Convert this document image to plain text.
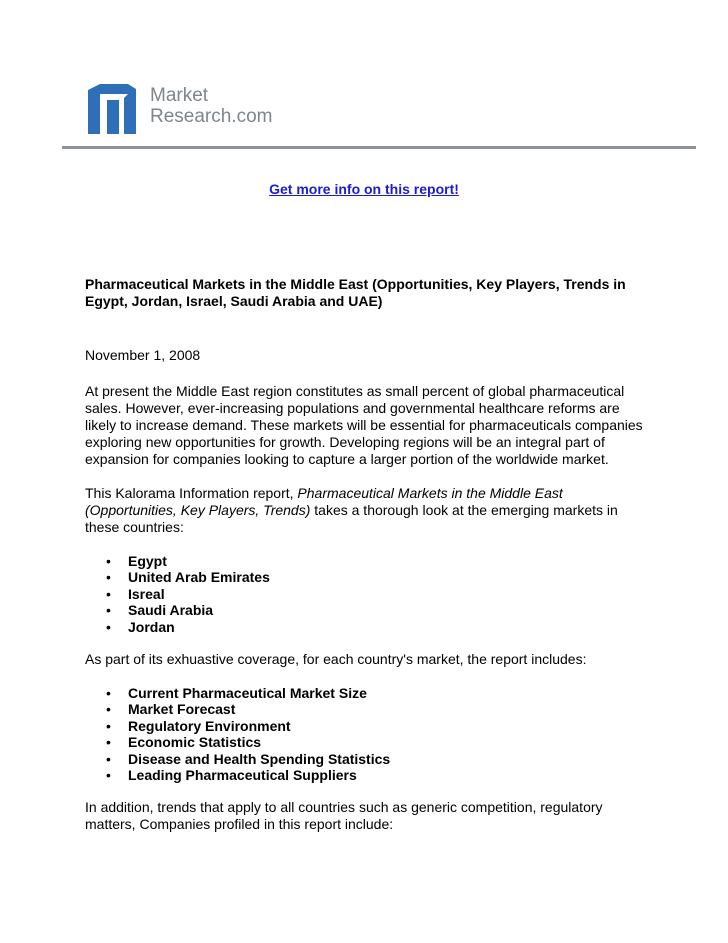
Market
Research.com
Get more info on this report!

Pharmaceutical Markets in the Middle East (Opportunities, Key Players, Trends in Egypt, Jordan, Israel, Saudi Arabia and UAE)

November 1, 2008

At present the Middle East region constitutes as small percent of global pharmaceutical sales. However, ever-increasing populations and governmental healthcare reforms are likely to increase demand. These markets will be essential for pharmaceuticals companies exploring new opportunities for growth. Developing regions will be an integral part of expansion for companies looking to capture a larger portion of the worldwide market.

This Kalorama Information report, Pharmaceutical Markets in the Middle East (Opportunities, Key Players, Trends) takes a thorough look at the emerging markets in these countries:

• Egypt
• United Arab Emirates
• Isreal
• Saudi Arabia
• Jordan

As part of its exhuastive coverage, for each country's market, the report includes:

• Current Pharmaceutical Market Size
• Market Forecast
• Regulatory Environment
• Economic Statistics
• Disease and Health Spending Statistics
• Leading Pharmaceutical Suppliers

In addition, trends that apply to all countries such as generic competition, regulatory matters, Companies profiled in this report include:
